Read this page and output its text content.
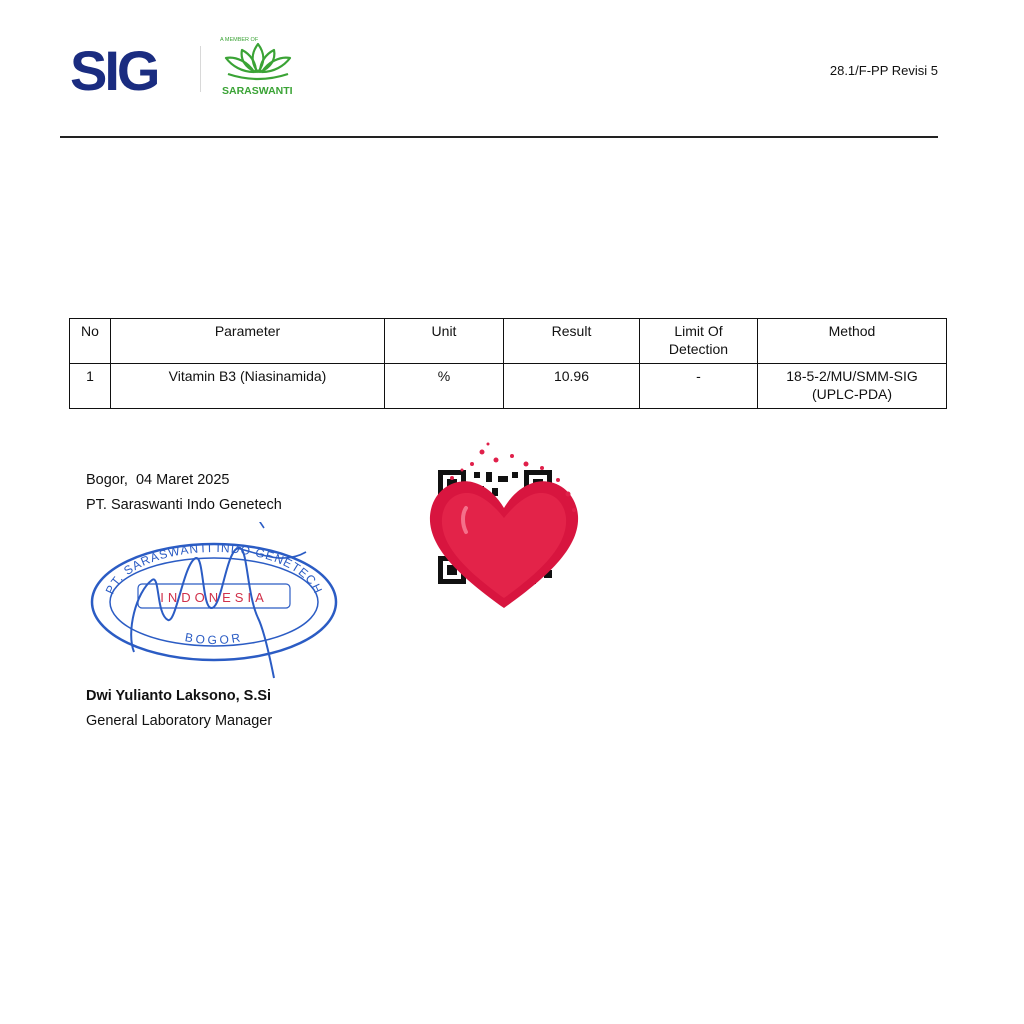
SIG	A MEMBER OF
SARASWANTI
28.1/F-PP Revisi 5
No	Parameter	Unit	Result	Limit Of Detection	Method
1	Vitamin B3 (Niasinamida)	%	10.96	-	18-5-2/MU/SMM-SIG (UPLC-PDA)
Bogor,  04 Maret 2025
PT. Saraswanti Indo Genetech
PT. SARASWANTI INDO GENETECH
INDONESIA
BOGOR
Dwi Yulianto Laksono, S.Si
General Laboratory Manager
